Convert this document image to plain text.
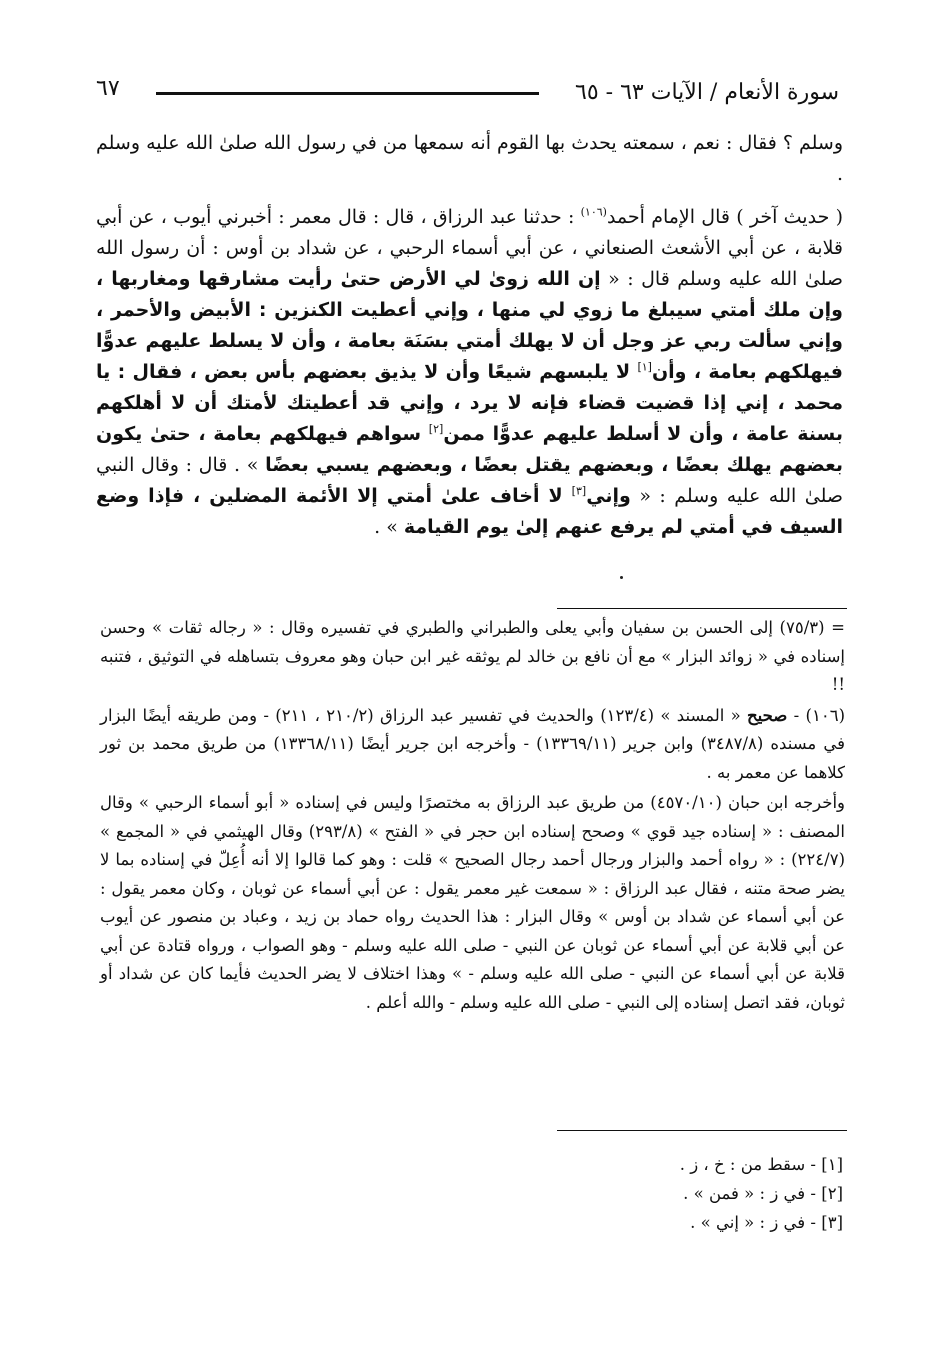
سورة الأنعام / الآيات ٦٣ - ٦٥
٦٧

وسلم ؟ فقال : نعم ، سمعته يحدث بها القوم أنه سمعها من في رسول الله صلىٰ الله عليه وسلم .

( حديث آخر ) قال الإمام أحمد$^{(١٠٦)}$ : حدثنا عبد الرزاق ، قال : قال معمر : أخبرني أيوب ، عن أبي قلابة ، عن أبي الأشعث الصنعاني ، عن أبي أسماء الرحبي ، عن شداد بن أوس : أن رسول الله صلىٰ الله عليه وسلم قال : « إن الله زوىٰ لي الأرض حتىٰ رأيت مشارقها ومغاربها ، وإن ملك أمتي سيبلغ ما زوي لي منها ، وإني أعطيت الكنزين : الأبيض والأحمر ، وإني سألت ربي عز وجل أن لا يهلك أمتي بسَنَة بعامة ، وأن لا يسلط عليهم عدوًّا فيهلكهم بعامة ، وأن[١] لا يلبسهم شيعًا وأن لا يذيق بعضهم بأس بعض ، فقال : يا محمد ، إني إذا قضيت قضاء فإنه لا يرد ، وإني قد أعطيتك لأمتك أن لا أهلكهم بسنة عامة ، وأن لا أسلط عليهم عدوًّا ممن[٢] سواهم فيهلكهم بعامة ، حتىٰ يكون بعضهم يهلك بعضًا ، وبعضهم يقتل بعضًا ، وبعضهم يسبي بعضًا » . قال : وقال النبي صلىٰ الله عليه وسلم : « وإني[٣] لا أخاف علىٰ أمتي إلا الأئمة المضلين ، فإذا وضع السيف في أمتي لم يرفع عنهم إلىٰ يوم القيامة » .

= (٧٥/٣) إلى الحسن بن سفيان وأبي يعلى والطبراني والطبري في تفسيره وقال : « رجاله ثقات » وحسن إسناده في « زوائد البزار » مع أن نافع بن خالد لم يوثقه غير ابن حبان وهو معروف بتساهله في التوثيق ، فتنبه !!

(١٠٦) - صحيح « المسند » (١٢٣/٤) والحديث في تفسير عبد الرزاق (٢١٠/٢ ، ٢١١) - ومن طريقه أيضًا البزار في مسنده (٣٤٨٧/٨) وابن جرير (١٣٣٦٩/١١) - وأخرجه ابن جرير أيضًا (١٣٣٦٨/١١) من طريق محمد بن ثور كلاهما عن معمر به .

وأخرجه ابن حبان (٤٥٧٠/١٠) من طريق عبد الرزاق به مختصرًا وليس في إسناده « أبو أسماء الرحبي » وقال المصنف : « إسناده جيد قوي » وصحح إسناده ابن حجر في « الفتح » (٢٩٣/٨) وقال الهيثمي في « المجمع » (٢٢٤/٧) : « رواه أحمد والبزار ورجال أحمد رجال الصحيح » قلت : وهو كما قالوا إلا أنه أُعِلّ في إسناده بما لا يضر صحة متنه ، فقال عبد الرزاق : « سمعت غير معمر يقول : عن أبي أسماء عن ثوبان ، وكان معمر يقول : عن أبي أسماء عن شداد بن أوس » وقال البزار : هذا الحديث رواه حماد بن زيد ، وعباد بن منصور عن أيوب عن أبي قلابة عن أبي أسماء عن ثوبان عن النبي - صلى الله عليه وسلم - وهو الصواب ، ورواه قتادة عن أبي قلابة عن أبي أسماء عن النبي - صلى الله عليه وسلم - » وهذا اختلاف لا يضر الحديث فأيما كان عن شداد أو ثوبان، فقد اتصل إسناده إلى النبي - صلى الله عليه وسلم - والله أعلم .

[١] - سقط من : خ ، ز .
[٢] - في ز : « فمن » .
[٣] - في ز : « إني » .
